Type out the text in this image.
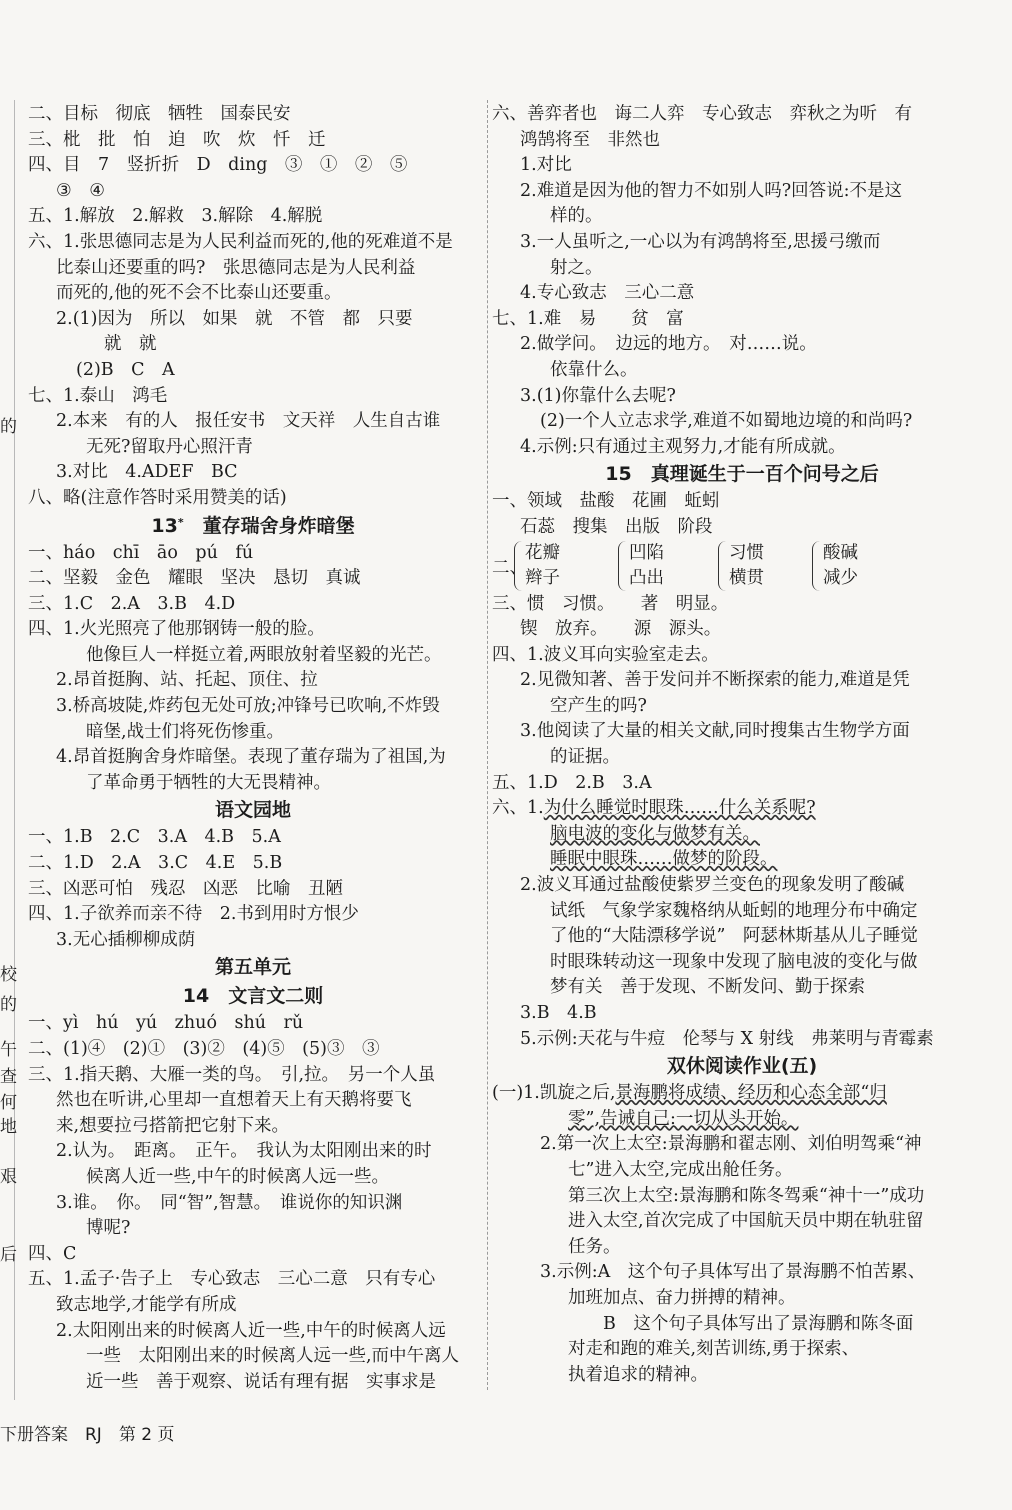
的
校
的
午
查
何
地
艰
后
二、目标　彻底　牺牲　国泰民安
三、枇　批　怕　迫　吹　炊　忏　迁
四、目　7　竖折折　D　ding　③　①　②　⑤
③　④
五、1.解放　2.解救　3.解除　4.解脱
六、1.张思德同志是为人民利益而死的,他的死难道不是
比泰山还要重的吗?　张思德同志是为人民利益
而死的,他的死不会不比泰山还要重。
2.(1)因为　所以　如果　就　不管　都　只要
就　就
(2)B　C　A
七、1.泰山　鸿毛
2.本来　有的人　报任安书　文天祥　人生自古谁
无死?留取丹心照汗青
3.对比　4.ADEF　BC
八、略(注意作答时采用赞美的话)
13*　董存瑞舍身炸暗堡
一、háo　chī　āo　pú　fú
二、坚毅　金色　耀眼　坚决　恳切　真诚
三、1.C　2.A　3.B　4.D
四、1.火光照亮了他那钢铸一般的脸。
他像巨人一样挺立着,两眼放射着坚毅的光芒。
2.昂首挺胸、站、托起、顶住、拉
3.桥高坡陡,炸药包无处可放;冲锋号已吹响,不炸毁
暗堡,战士们将死伤惨重。
4.昂首挺胸舍身炸暗堡。表现了董存瑞为了祖国,为
了革命勇于牺牲的大无畏精神。
语文园地
一、1.B　2.C　3.A　4.B　5.A
二、1.D　2.A　3.C　4.E　5.B
三、凶恶可怕　残忍　凶恶　比喻　丑陋
四、1.子欲养而亲不待　2.书到用时方恨少
3.无心插柳柳成荫
第五单元
14　文言文二则
一、yì　hú　yú　zhuó　shú　rǔ
二、(1)④　(2)①　(3)②　(4)⑤　(5)③　③
三、1.指天鹅、大雁一类的鸟。　引,拉。　另一个人虽
然也在听讲,心里却一直想着天上有天鹅将要飞
来,想要拉弓搭箭把它射下来。
2.认为。　距离。　正午。　我认为太阳刚出来的时
候离人近一些,中午的时候离人远一些。
3.谁。　你。　同“智”,智慧。　谁说你的知识渊
博呢?
四、C
五、1.孟子·告子上　专心致志　三心二意　只有专心
致志地学,才能学有所成
2.太阳刚出来的时候离人近一些,中午的时候离人远
一些　太阳刚出来的时候离人远一些,而中午离人
近一些　善于观察、说话有理有据　实事求是
六、善弈者也　诲二人弈　专心致志　弈秋之为听　有
鸿鹄将至　非然也
1.对比
2.难道是因为他的智力不如别人吗?回答说:不是这
样的。
3.一人虽听之,一心以为有鸿鹄将至,思援弓缴而
射之。
4.专心致志　三心二意
七、1.难　易　　贫　富
2.做学问。　边远的地方。　对……说。
依靠什么。
3.(1)你靠什么去呢?
(2)一个人立志求学,难道不如蜀地边境的和尚吗?
4.示例:只有通过主观努力,才能有所成就。
15　真理诞生于一百个问号之后
一、领域　盐酸　花圃　蚯蚓
石蕊　搜集　出版　阶段
二、
花瓣
辫子
凹陷
凸出
习惯
横贯
酸碱
减少
三、惯　习惯。　　著　明显。
锲　放弃。　　源　源头。
四、1.波义耳向实验室走去。
2.见微知著、善于发问并不断探索的能力,难道是凭
空产生的吗?
3.他阅读了大量的相关文献,同时搜集古生物学方面
的证据。
五、1.D　2.B　3.A
六、1.为什么睡觉时眼珠……什么关系呢?
脑电波的变化与做梦有关。
睡眠中眼珠……做梦的阶段。
2.波义耳通过盐酸使紫罗兰变色的现象发明了酸碱
试纸　气象学家魏格纳从蚯蚓的地理分布中确定
了他的“大陆漂移学说”　阿瑟林斯基从儿子睡觉
时眼珠转动这一现象中发现了脑电波的变化与做
梦有关　善于发现、不断发问、勤于探索
3.B　4.B
5.示例:天花与牛痘　伦琴与 X 射线　弗莱明与青霉素
双休阅读作业(五)
(一)1.凯旋之后,景海鹏将成绩、经历和心态全部“归
零”,告诫自己:一切从头开始。
2.第一次上太空:景海鹏和翟志刚、刘伯明驾乘“神
七”进入太空,完成出舱任务。
第三次上太空:景海鹏和陈冬驾乘“神十一”成功
进入太空,首次完成了中国航天员中期在轨驻留
任务。
3.示例:A　这个句子具体写出了景海鹏不怕苦累、
加班加点、奋力拼搏的精神。
　　B　这个句子具体写出了景海鹏和陈冬面
对走和跑的难关,刻苦训练,勇于探索、
执着追求的精神。
下册答案　RJ　第 2 页
